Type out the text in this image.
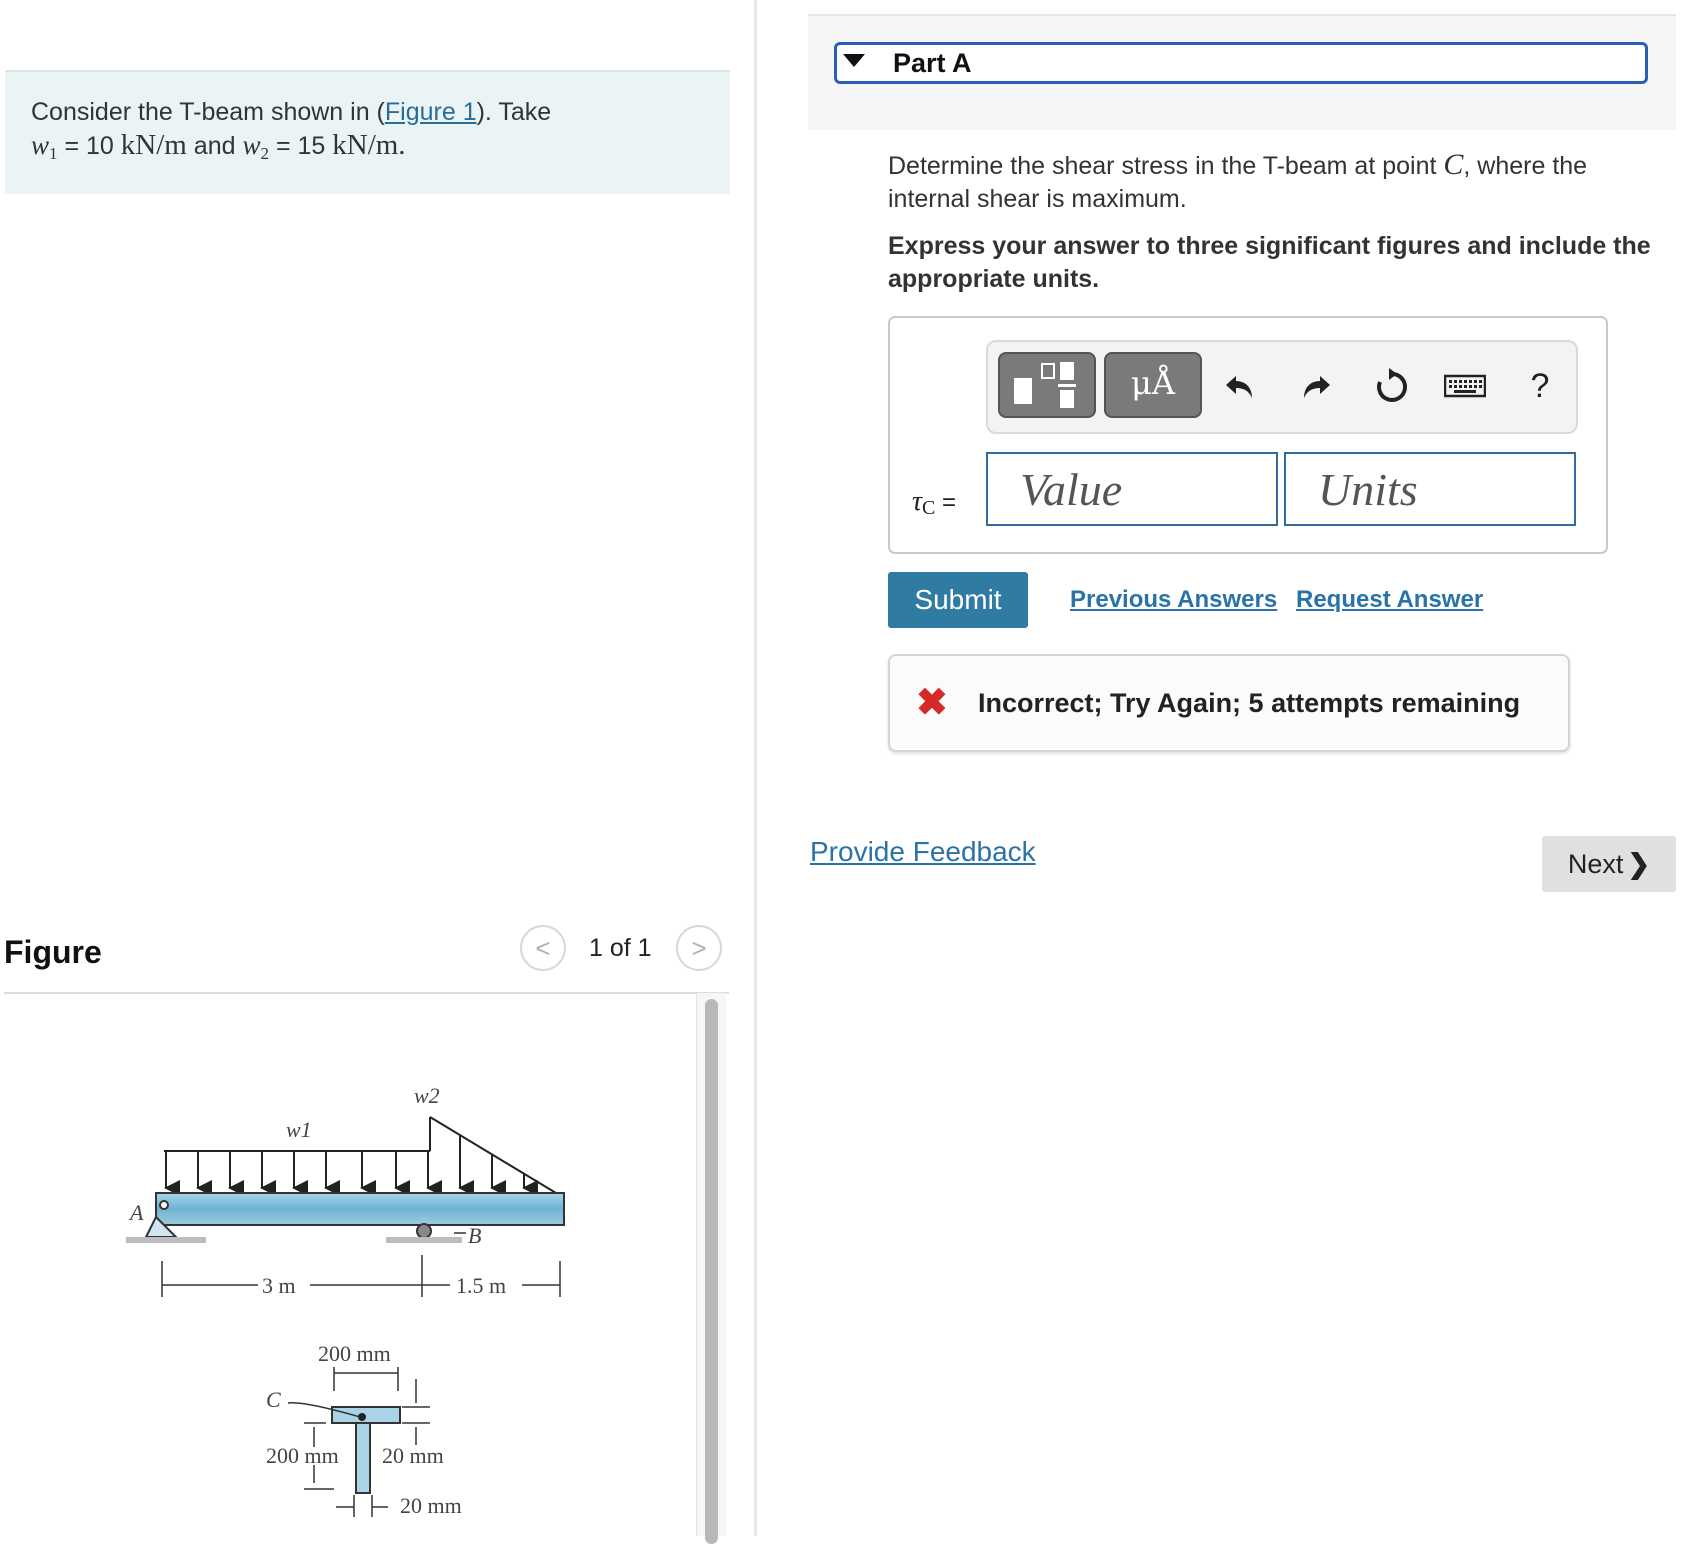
Consider the T-beam shown in (Figure 1). Take
w1 = 10 kN/m and w2 = 15 kN/m.
Figure	< 1 of 1 >
w1
w2
A
B
3 m	1.5 m
200 mm
C
200 mm 20 mm
20 mm
Part A
Determine the shear stress in the T-beam at point C, where the internal shear is maximum.
Express your answer to three significant figures and include the appropriate units.
μÅ	?
τC =
Value
Units
Submit	Previous Answers Request Answer
✖ Incorrect; Try Again; 5 attempts remaining
Provide Feedback	Next ❯
